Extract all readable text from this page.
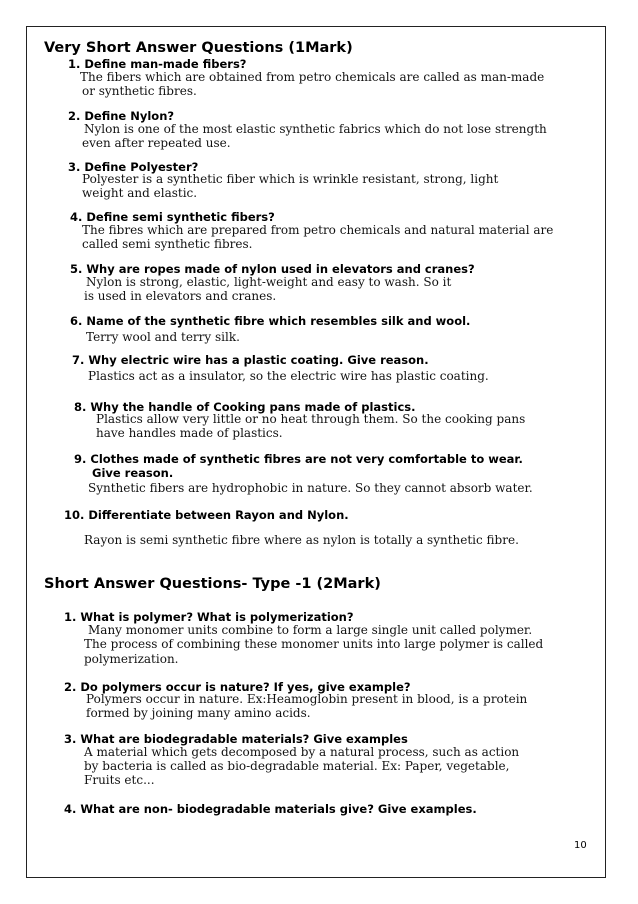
Very Short Answer Questions (1Mark)
1. Define man-made fibers?
The fibers which are obtained from petro chemicals are called as man-made
or synthetic fibres.
2. Define Nylon?
Nylon is one of the most elastic synthetic fabrics which do not lose strength
even after repeated use.
3. Define Polyester?
Polyester is a synthetic fiber which is wrinkle resistant, strong, light
weight and elastic.
4. Define semi synthetic fibers?
The fibres which are prepared from petro chemicals and natural material are
called semi synthetic fibres.
5. Why are ropes made of nylon used in elevators and cranes?
Nylon is strong, elastic, light-weight and easy to wash. So it
is used in elevators and cranes.
6. Name of the synthetic fibre which resembles silk and wool.
Terry wool and terry silk.
7. Why electric wire has a plastic coating. Give reason.
Plastics act as a insulator, so the electric wire has plastic coating.
8. Why the handle of Cooking pans made of plastics.
Plastics allow very little or no heat through them. So the cooking pans
have handles made of plastics.
9. Clothes made of synthetic fibres are not very comfortable to wear.
Give reason.
Synthetic fibers are hydrophobic in nature. So they cannot absorb water.
10. Differentiate between Rayon and Nylon.
Rayon is semi synthetic fibre where as nylon is totally a synthetic fibre.
Short Answer Questions- Type -1 (2Mark)
1. What is polymer? What is polymerization?
Many monomer units combine to form a large single unit called polymer.
The process of combining these monomer units into large polymer is called
polymerization.
2. Do polymers occur is nature? If yes, give example?
Polymers occur in nature. Ex:Heamoglobin present in blood, is a protein
formed by joining many amino acids.
3. What are biodegradable materials? Give examples
A material which gets decomposed by a natural process, such as action
by bacteria is called as bio-degradable material. Ex: Paper, vegetable,
Fruits etc...
4. What are non- biodegradable materials give? Give examples.
10
